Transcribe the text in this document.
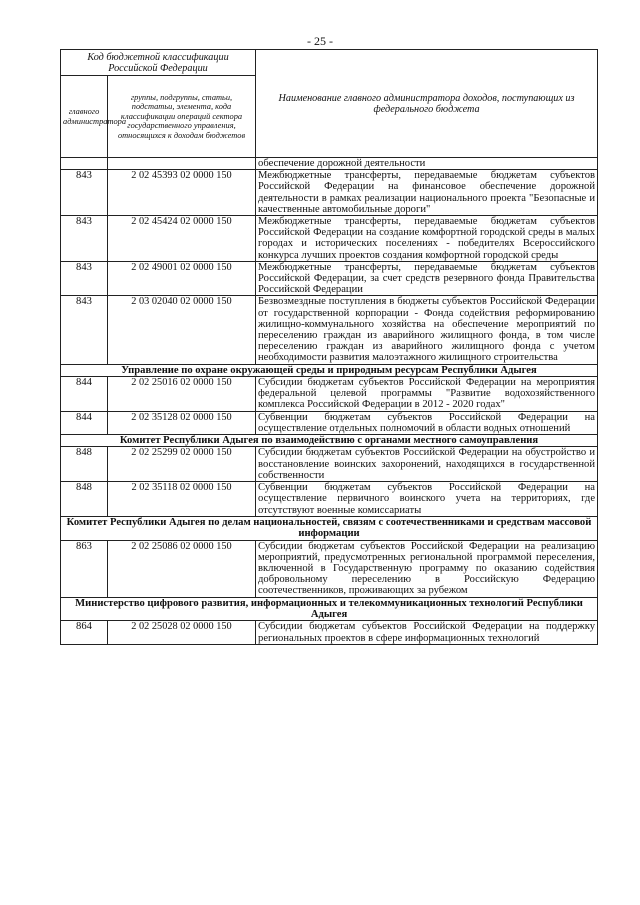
- 25 -
Код бюджетной классификации Российской Федерации		Наименование главного администратора доходов, поступающих из федерального бюджета
главного администратора	группы, подгруппы, статьи, подстатьи, элемента, кода классификации операций сектора государственного управления, относящихся к доходам бюджетов	
		обеспечение дорожной деятельности
843	2 02 45393 02 0000 150	Межбюджетные трансферты, передаваемые бюджетам субъектов Российской Федерации на финансовое обеспечение дорожной деятельности в рамках реализации национального проекта "Безопасные и качественные автомобильные дороги"
843	2 02 45424 02 0000 150	Межбюджетные трансферты, передаваемые бюджетам субъектов Российской Федерации на создание комфортной городской среды в малых городах и исторических поселениях - победителях Всероссийского конкурса лучших проектов создания комфортной городской среды
843	2 02 49001 02 0000 150	Межбюджетные трансферты, передаваемые бюджетам субъектов Российской Федерации, за счет средств резервного фонда Правительства Российской Федерации
843	2 03 02040 02 0000 150	Безвозмездные поступления в бюджеты субъектов Российской Федерации от государственной корпорации - Фонда содействия реформированию жилищно-коммунального хозяйства на обеспечение мероприятий по переселению граждан из аварийного жилищного фонда, в том числе переселению граждан из аварийного жилищного фонда с учетом необходимости развития малоэтажного жилищного строительства
Управление по охране окружающей среды и природным ресурсам Республики Адыгея		
844	2 02 25016 02 0000 150	Субсидии бюджетам субъектов Российской Федерации на мероприятия федеральной целевой программы "Развитие водохозяйственного комплекса Российской Федерации в 2012 - 2020 годах"
844	2 02 35128 02 0000 150	Субвенции бюджетам субъектов Российской Федерации на осуществление отдельных полномочий в области водных отношений
Комитет Республики Адыгея по взаимодействию с органами местного самоуправления		
848	2 02 25299 02 0000 150	Субсидии бюджетам субъектов Российской Федерации на обустройство и восстановление воинских захоронений, находящихся в государственной собственности
848	2 02 35118 02 0000 150	Субвенции бюджетам субъектов Российской Федерации на осуществление первичного воинского учета на территориях, где отсутствуют военные комиссариаты
Комитет Республики Адыгея по делам национальностей, связям с соотечественниками и средствам массовой информации		
863	2 02 25086 02 0000 150	Субсидии бюджетам субъектов Российской Федерации на реализацию мероприятий, предусмотренных региональной программой переселения, включенной в Государственную программу по оказанию содействия добровольному переселению в Российскую Федерацию соотечественников, проживающих за рубежом
Министерство цифрового развития, информационных и телекоммуникационных технологий Республики Адыгея		
864	2 02 25028 02 0000 150	Субсидии бюджетам субъектов Российской Федерации на поддержку региональных проектов в сфере информационных технологий
